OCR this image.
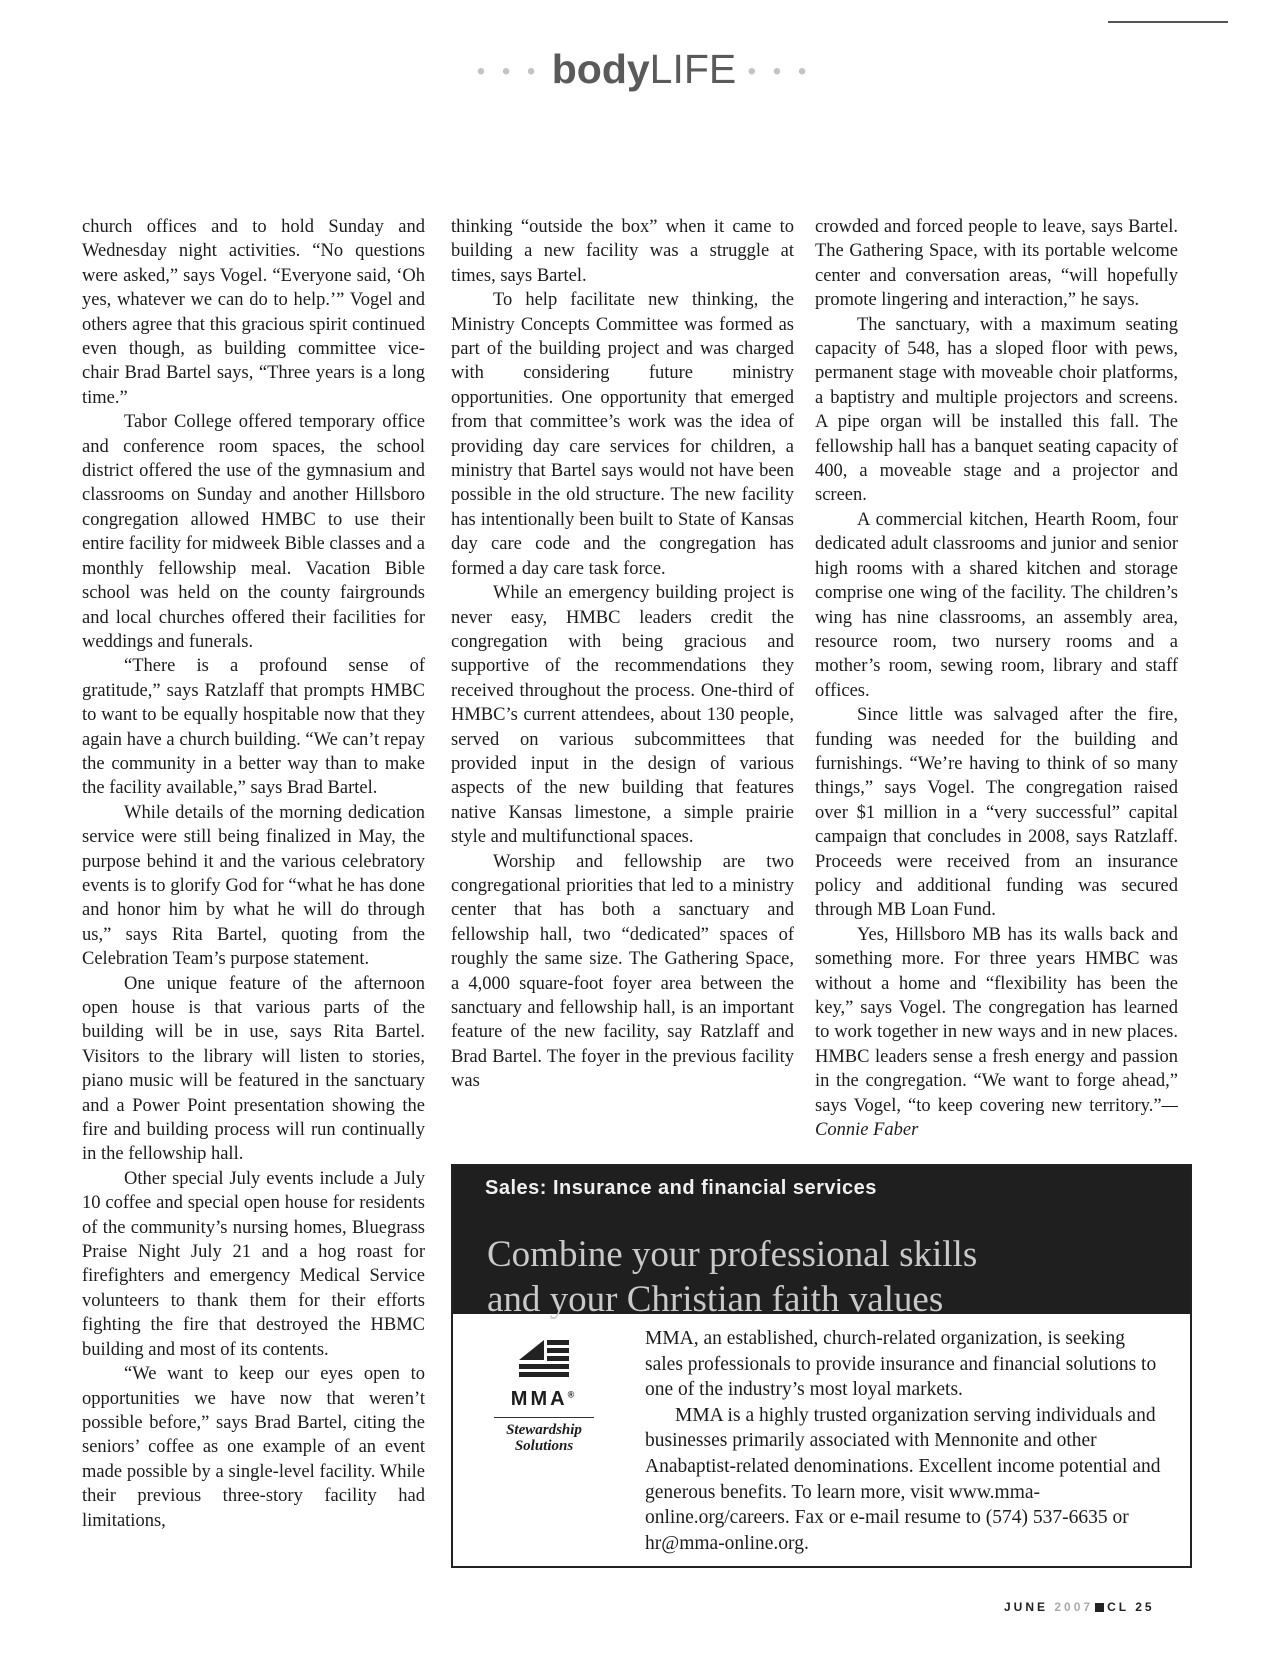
• • • bodyLIFE • • •

church offices and to hold Sunday and Wednesday night activities. “No questions were asked,” says Vogel. “Everyone said, ‘Oh yes, whatever we can do to help.’” Vogel and others agree that this gracious spirit continued even though, as building committee vice-chair Brad Bartel says, “Three years is a long time.”

Tabor College offered temporary office and conference room spaces, the school district offered the use of the gymnasium and classrooms on Sunday and another Hillsboro congregation allowed HMBC to use their entire facility for midweek Bible classes and a monthly fellowship meal. Vacation Bible school was held on the county fairgrounds and local churches offered their facilities for weddings and funerals.

“There is a profound sense of gratitude,” says Ratzlaff that prompts HMBC to want to be equally hospitable now that they again have a church building. “We can’t repay the community in a better way than to make the facility available,” says Brad Bartel.

While details of the morning dedication service were still being finalized in May, the purpose behind it and the various celebratory events is to glorify God for “what he has done and honor him by what he will do through us,” says Rita Bartel, quoting from the Celebration Team’s purpose statement.

One unique feature of the afternoon open house is that various parts of the building will be in use, says Rita Bartel. Visitors to the library will listen to stories, piano music will be featured in the sanctuary and a Power Point presentation showing the fire and building process will run continually in the fellowship hall.

Other special July events include a July 10 coffee and special open house for residents of the community’s nursing homes, Bluegrass Praise Night July 21 and a hog roast for firefighters and emergency Medical Service volunteers to thank them for their efforts fighting the fire that destroyed the HBMC building and most of its contents.

“We want to keep our eyes open to opportunities we have now that weren’t possible before,” says Brad Bartel, citing the seniors’ coffee as one example of an event made possible by a single-level facility. While their previous three-story facility had limitations,

thinking “outside the box” when it came to building a new facility was a struggle at times, says Bartel.

To help facilitate new thinking, the Ministry Concepts Committee was formed as part of the building project and was charged with considering future ministry opportunities. One opportunity that emerged from that committee’s work was the idea of providing day care services for children, a ministry that Bartel says would not have been possible in the old structure. The new facility has intentionally been built to State of Kansas day care code and the congregation has formed a day care task force.

While an emergency building project is never easy, HMBC leaders credit the congregation with being gracious and supportive of the recommendations they received throughout the process. One-third of HMBC’s current attendees, about 130 people, served on various subcommittees that provided input in the design of various aspects of the new building that features native Kansas limestone, a simple prairie style and multifunctional spaces.

Worship and fellowship are two congregational priorities that led to a ministry center that has both a sanctuary and fellowship hall, two “dedicated” spaces of roughly the same size. The Gathering Space, a 4,000 square-foot foyer area between the sanctuary and fellowship hall, is an important feature of the new facility, say Ratzlaff and Brad Bartel. The foyer in the previous facility was

crowded and forced people to leave, says Bartel. The Gathering Space, with its portable welcome center and conversation areas, “will hopefully promote lingering and interaction,” he says.

The sanctuary, with a maximum seating capacity of 548, has a sloped floor with pews, permanent stage with moveable choir platforms, a baptistry and multiple projectors and screens. A pipe organ will be installed this fall. The fellowship hall has a banquet seating capacity of 400, a moveable stage and a projector and screen.

A commercial kitchen, Hearth Room, four dedicated adult classrooms and junior and senior high rooms with a shared kitchen and storage comprise one wing of the facility. The children’s wing has nine classrooms, an assembly area, resource room, two nursery rooms and a mother’s room, sewing room, library and staff offices.

Since little was salvaged after the fire, funding was needed for the building and furnishings. “We’re having to think of so many things,” says Vogel. The congregation raised over $1 million in a “very successful” capital campaign that concludes in 2008, says Ratzlaff. Proceeds were received from an insurance policy and additional funding was secured through MB Loan Fund.

Yes, Hillsboro MB has its walls back and something more. For three years HMBC was without a home and “flexibility has been the key,” says Vogel. The congregation has learned to work together in new ways and in new places. HMBC leaders sense a fresh energy and passion in the congregation. “We want to forge ahead,” says Vogel, “to keep covering new territory.”—Connie Faber

Sales: Insurance and financial services
Combine your professional skills
and your Christian faith values
MMA®
Stewardship
Solutions

MMA, an established, church-related organization, is seeking sales professionals to provide insurance and financial solutions to one of the industry’s most loyal markets.

MMA is a highly trusted organization serving individuals and businesses primarily associated with Mennonite and other Anabaptist-related denominations. Excellent income potential and generous benefits. To learn more, visit www.mma-online.org/careers. Fax or e-mail resume to (574) 537-6635 or hr@mma-online.org.

JUNE 2007 CL 25
